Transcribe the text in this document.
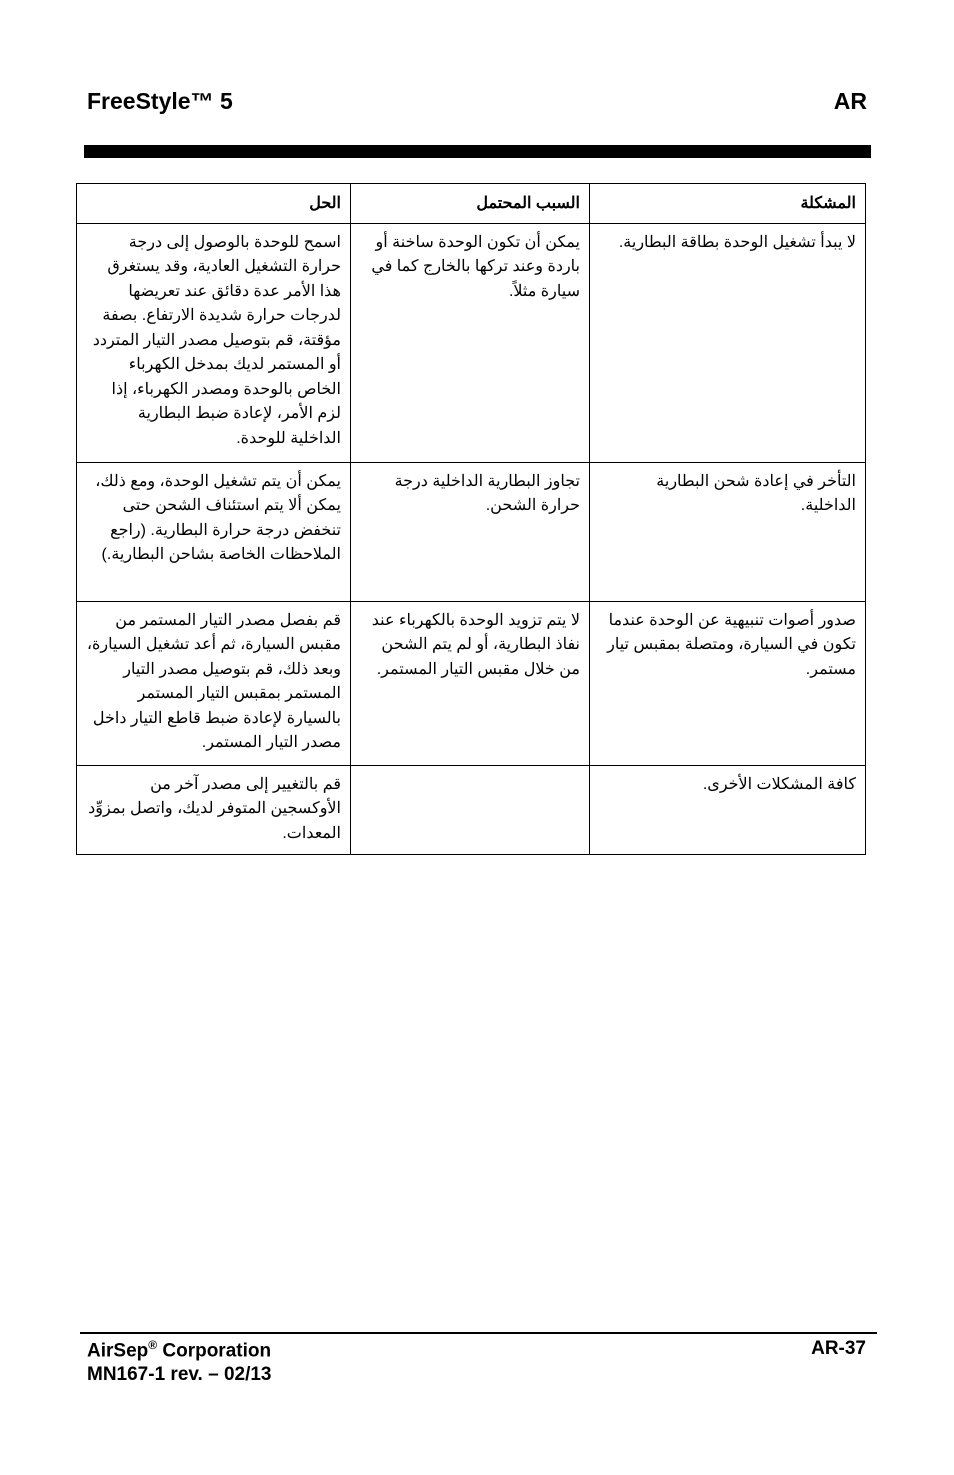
FreeStyle™ 5	AR
المشكلة	السبب المحتمل	الحل
لا يبدأ تشغيل الوحدة بطاقة البطارية.	يمكن أن تكون الوحدة ساخنة أو باردة وعند تركها بالخارج كما في سيارة مثلاً.	اسمح للوحدة بالوصول إلى درجة حرارة التشغيل العادية، وقد يستغرق هذا الأمر عدة دقائق عند تعريضها لدرجات حرارة شديدة الارتفاع. بصفة مؤقتة، قم بتوصيل مصدر التيار المتردد أو المستمر لديك بمدخل الكهرباء الخاص بالوحدة ومصدر الكهرباء، إذا لزم الأمر، لإعادة ضبط البطارية الداخلية للوحدة.
التأخر في إعادة شحن البطارية الداخلية.	تجاوز البطارية الداخلية درجة حرارة الشحن.	يمكن أن يتم تشغيل الوحدة، ومع ذلك، يمكن ألا يتم استئناف الشحن حتى تنخفض درجة حرارة البطارية. (راجع الملاحظات الخاصة بشاحن البطارية.)
صدور أصوات تنبيهية عن الوحدة عندما تكون في السيارة، ومتصلة بمقبس تيار مستمر.	لا يتم تزويد الوحدة بالكهرباء عند نفاذ البطارية، أو لم يتم الشحن من خلال مقبس التيار المستمر.	قم بفصل مصدر التيار المستمر من مقبس السيارة، ثم أعد تشغيل السيارة، وبعد ذلك، قم بتوصيل مصدر التيار المستمر بمقبس التيار المستمر بالسيارة لإعادة ضبط قاطع التيار داخل مصدر التيار المستمر.
كافة المشكلات الأخرى.		قم بالتغيير إلى مصدر آخر من الأوكسجين المتوفر لديك، واتصل بمزوِّد المعدات.
AirSep® Corporation
MN167-1 rev. – 02/13
AR-37
